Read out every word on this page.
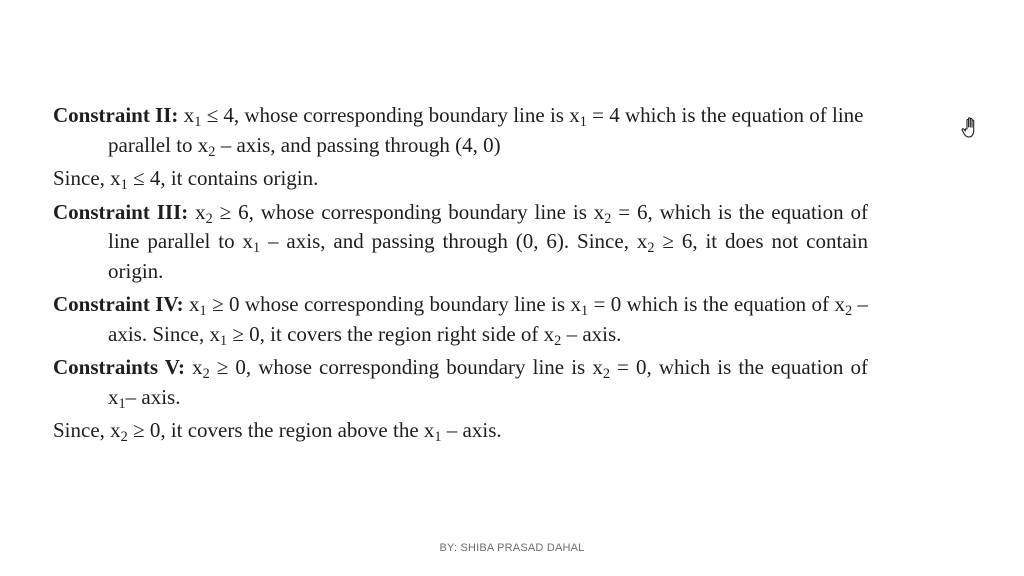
Constraint II: $x_1 \le 4$, whose corresponding boundary line is $x_1 = 4$ which is the equation of line parallel to $x_2$ – axis, and passing through (4, 0)

Since, $x_1 \le 4$, it contains origin.

Constraint III: $x_2 \ge 6$, whose corresponding boundary line is $x_2 = 6$, which is the equation of line parallel to $x_1$ – axis, and passing through (0, 6). Since, $x_2 \ge 6$, it does not contain origin.

Constraint IV: $x_1 \ge 0$ whose corresponding boundary line is $x_1 = 0$ which is the equation of $x_2$ – axis. Since, $x_1 \ge 0$, it covers the region right side of $x_2$ – axis.

Constraints V: $x_2 \ge 0$, whose corresponding boundary line is $x_2 = 0$, which is the equation of $x_1-$ axis.

Since, $x_2 \ge 0$, it covers the region above the $x_1$ – axis.

BY: SHIBA PRASAD DAHAL
